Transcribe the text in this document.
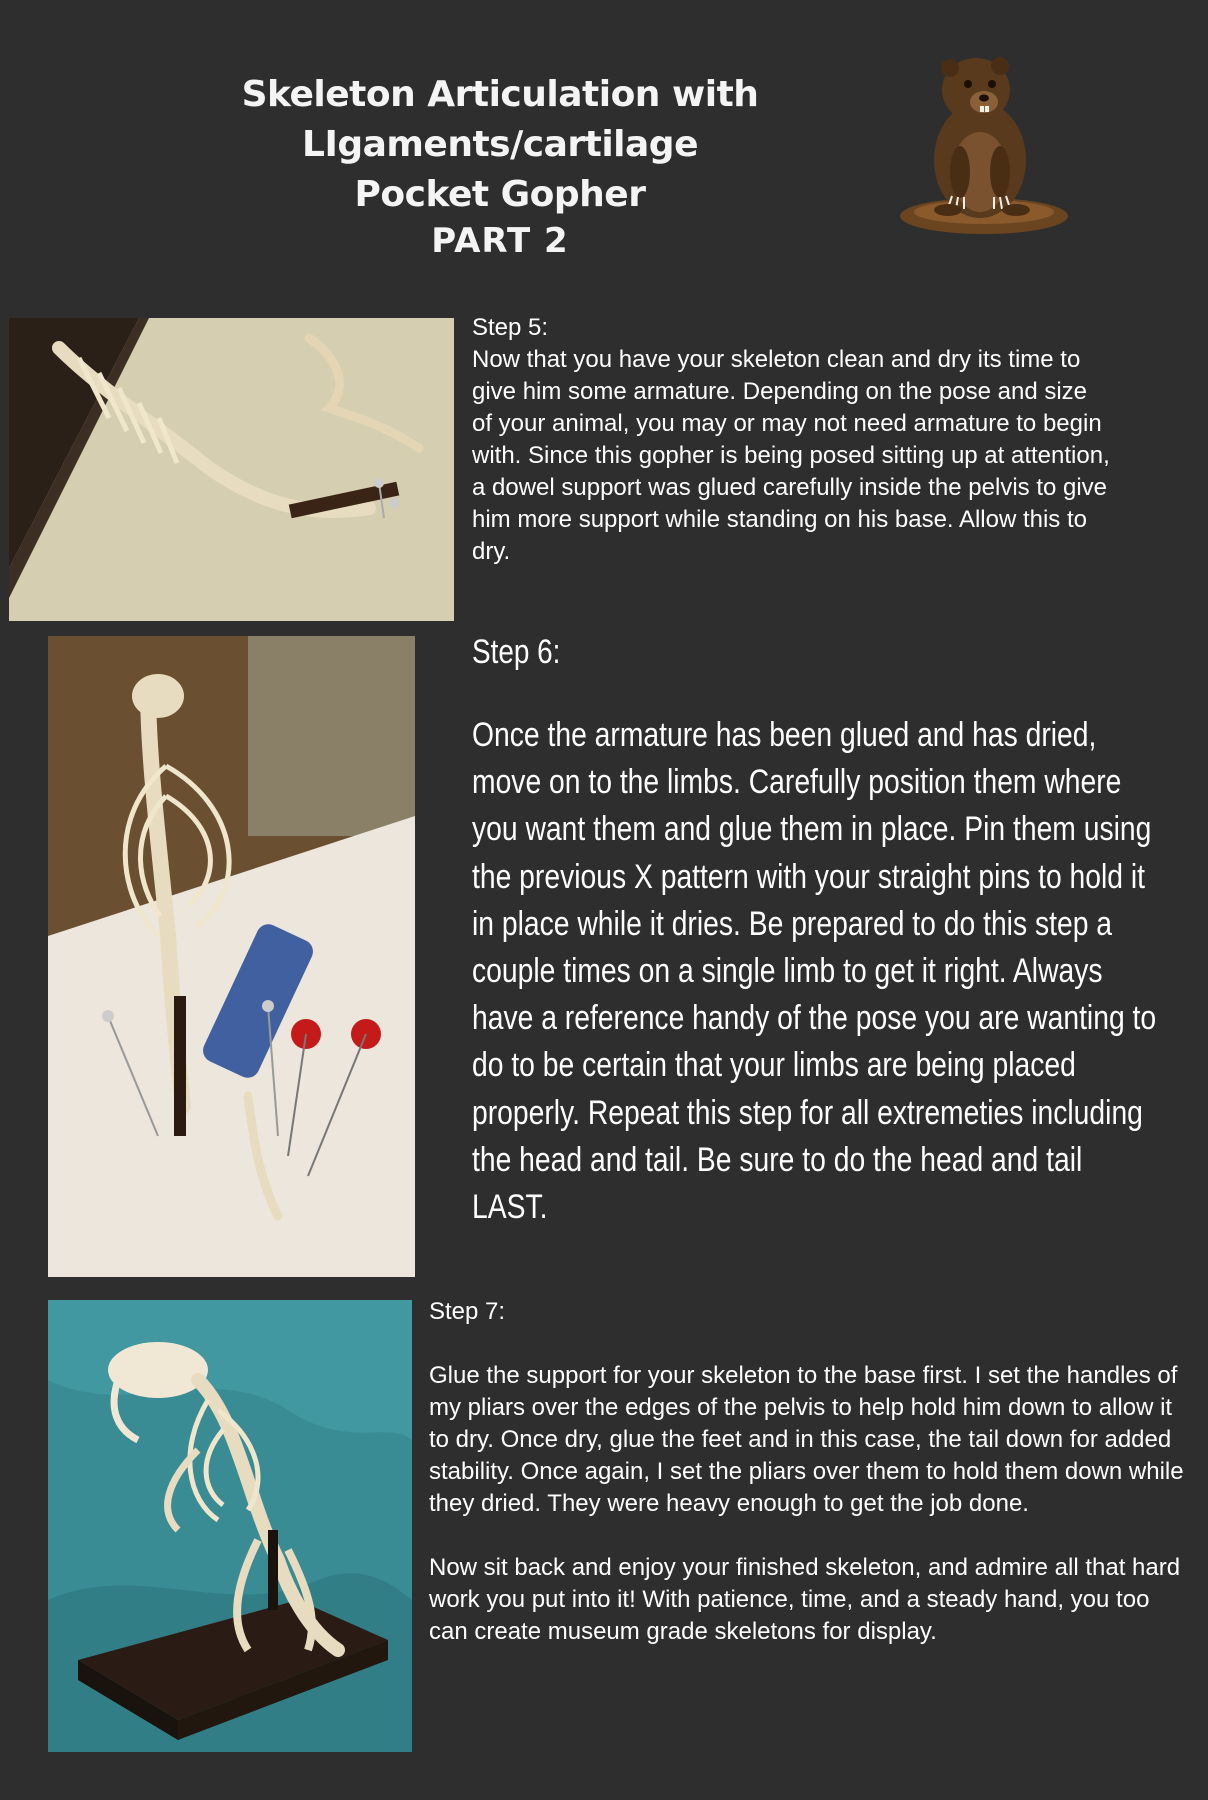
Skeleton Articulation with LIgaments/cartilage
Pocket Gopher
PART 2

Step 5:

Now that you have your skeleton clean and dry its time to give him some armature. Depending on the pose and size of your animal, you may or may not need armature to begin with. Since this gopher is being posed sitting up at attention, a dowel support was glued carefully inside the pelvis to give him more support while standing on his base. Allow this to dry.

Step 6:

Once the armature has been glued and has dried, move on to the limbs. Carefully position them where you want them and glue them in place. Pin them using the previous X pattern with your straight pins to hold it in place while it dries. Be prepared to do this step a couple times on a single limb to get it right. Always have a reference handy of the pose you are wanting to do to be certain that your limbs are being placed properly. Repeat this step for all extremeties including the head and tail. Be sure to do the head and tail LAST.

Step 7:

Glue the support for your skeleton to the base first. I set the handles of my pliars over the edges of the pelvis to help hold him down to allow it to dry. Once dry, glue the feet and in this case, the tail down for added stability. Once again, I set the pliars over them to hold them down while they dried. They were heavy enough to get the job done.

Now sit back and enjoy your finished skeleton, and admire all that hard work you put into it! With patience, time, and a steady hand, you too can create museum grade skeletons for display.
